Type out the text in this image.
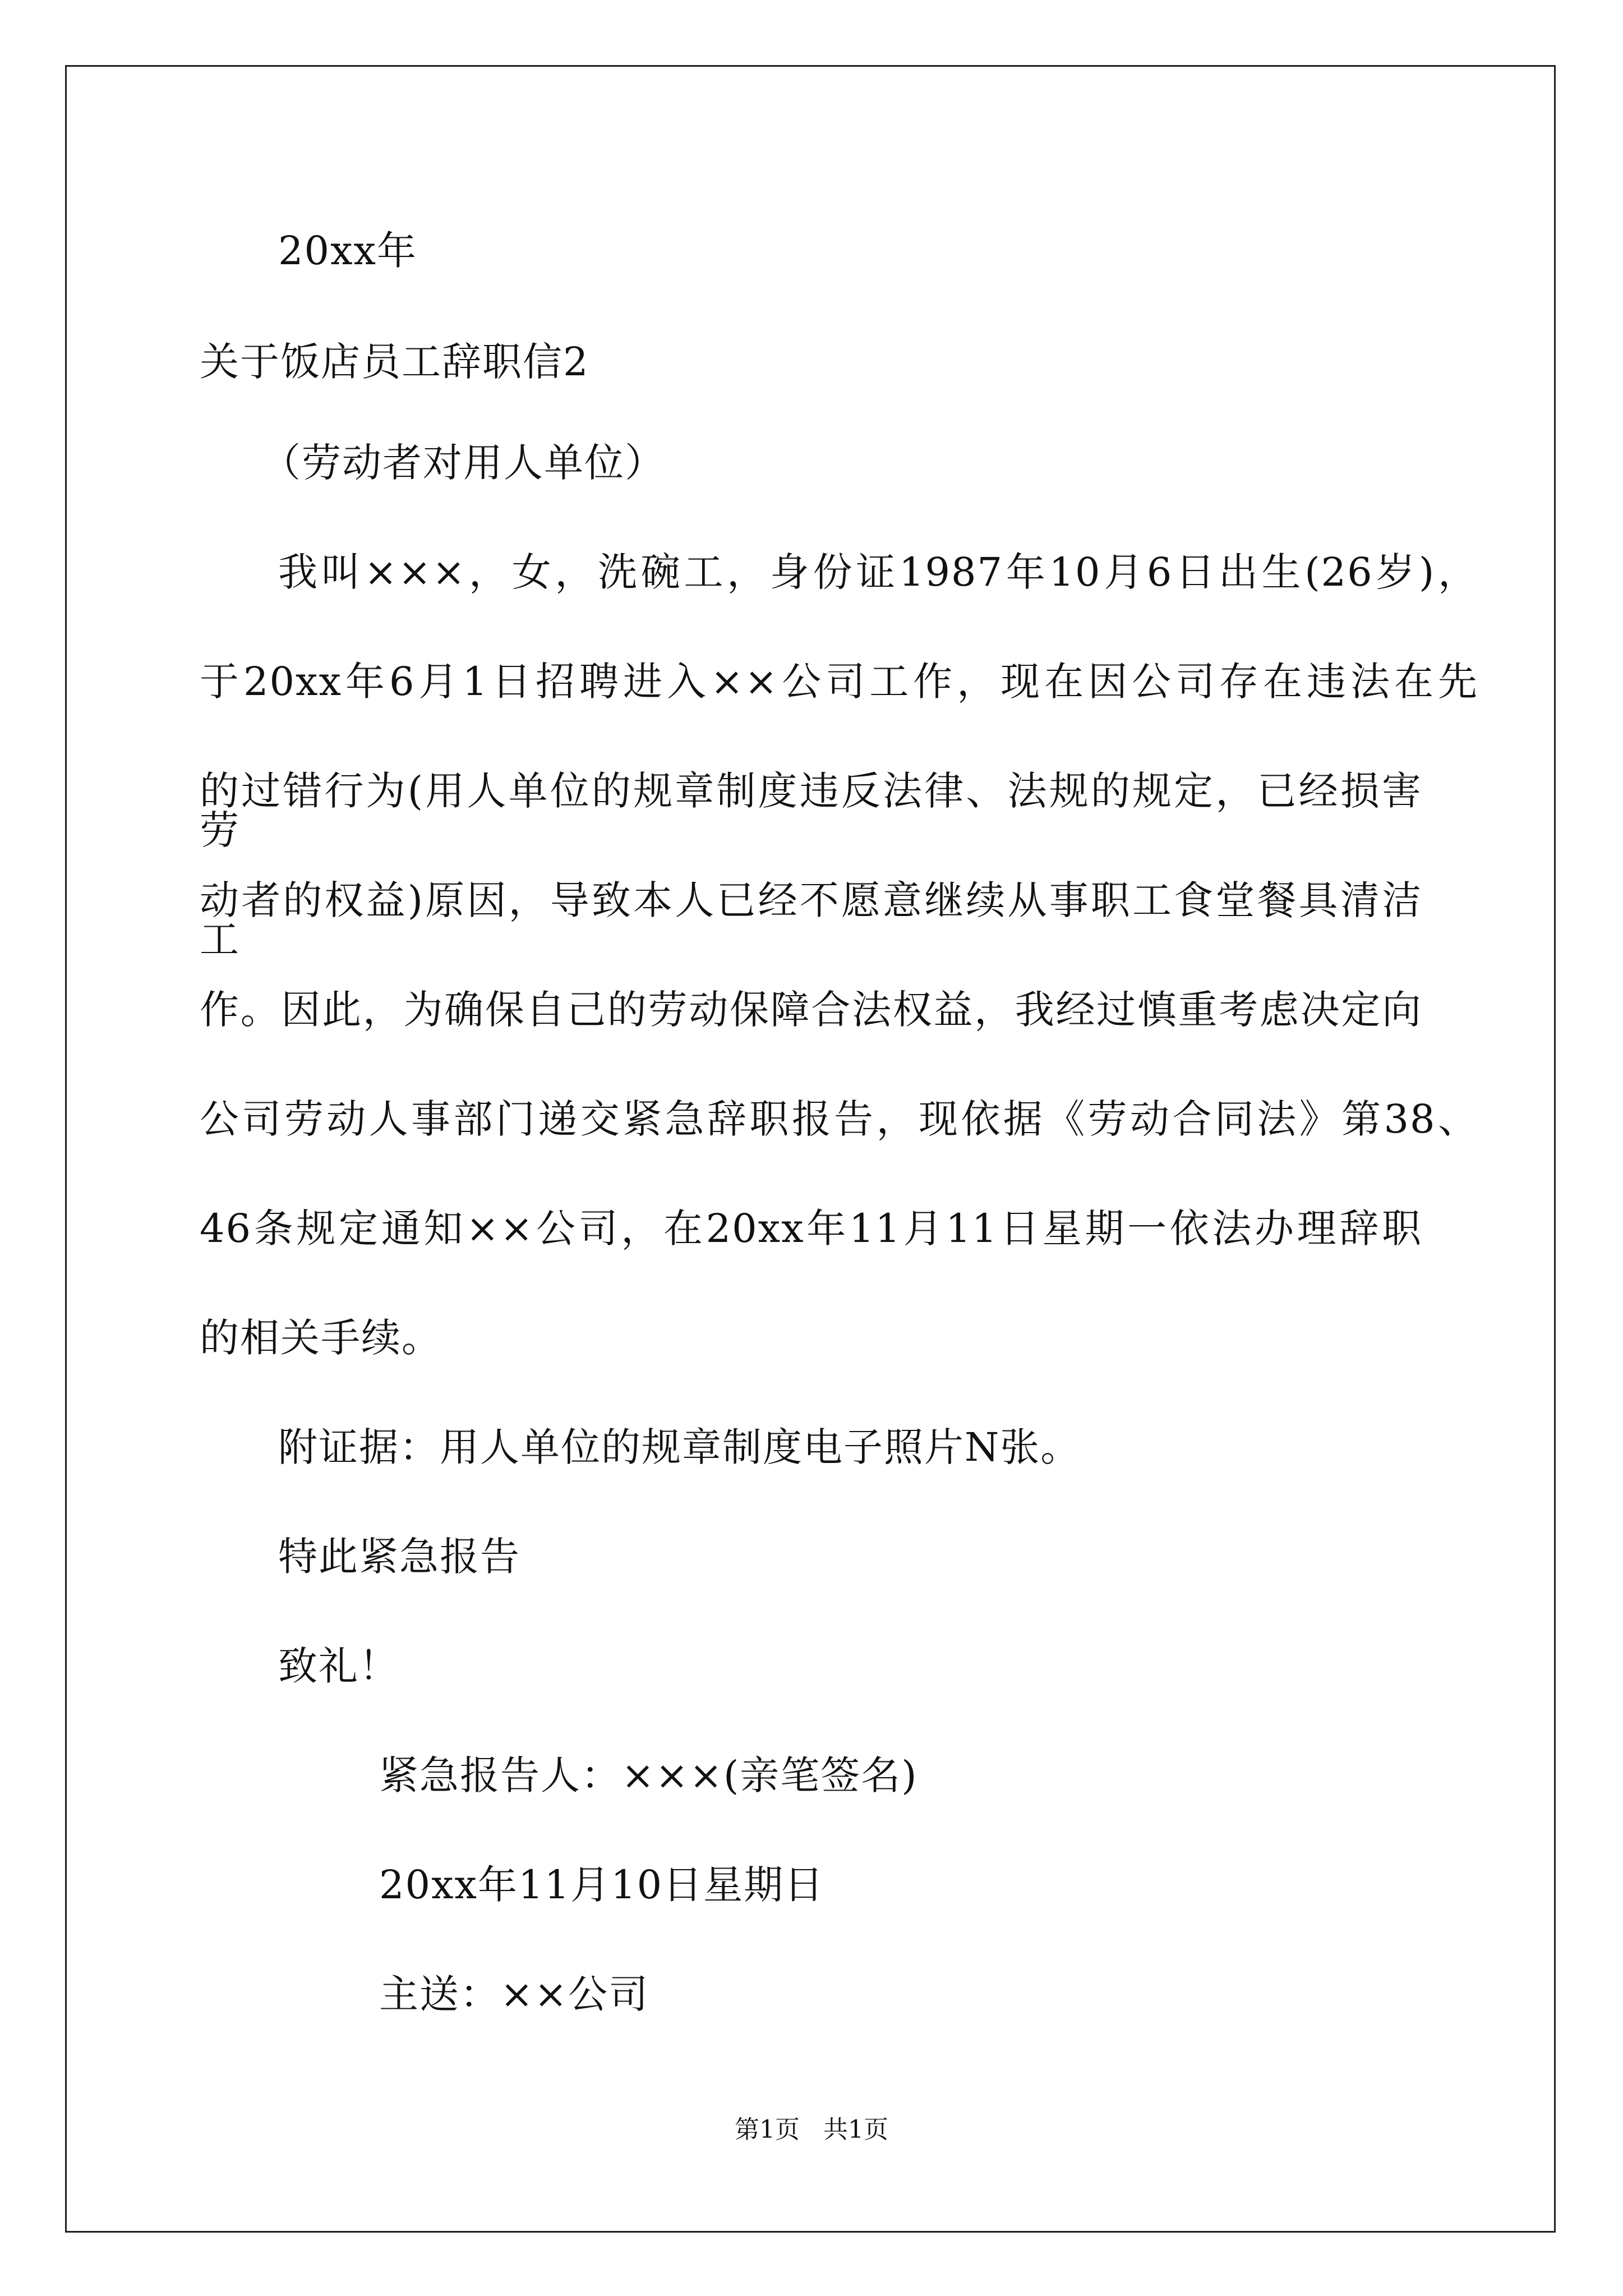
20xx年
关于饭店员工辞职信2
（劳动者对用人单位）
我叫×××，女，洗碗工，身份证1987年10月6日出生(26岁)，
于20xx年6月1日招聘进入××公司工作，现在因公司存在违法在先
的过错行为(用人单位的规章制度违反法律、法规的规定，已经损害劳
动者的权益)原因，导致本人已经不愿意继续从事职工食堂餐具清洁工
作。因此，为确保自己的劳动保障合法权益，我经过慎重考虑决定向
公司劳动人事部门递交紧急辞职报告，现依据《劳动合同法》第38、
46条规定通知××公司，在20xx年11月11日星期一依法办理辞职
的相关手续。
附证据：用人单位的规章制度电子照片N张。
特此紧急报告
致礼！
紧急报告人：×××(亲笔签名)
20xx年11月10日星期日
主送：××公司
第1页   共1页
